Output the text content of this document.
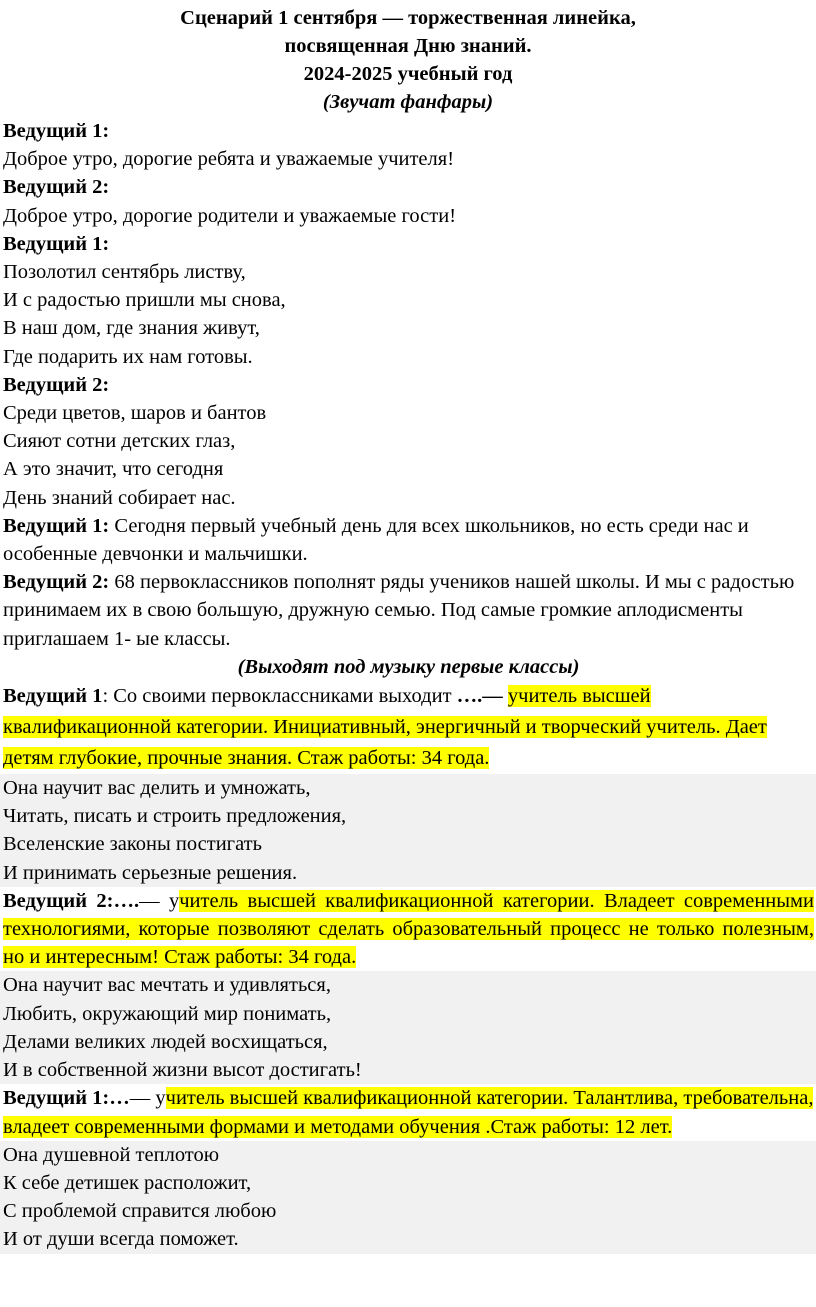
Сценарий 1 сентября — торжественная линейка,
посвященная Дню знаний.
2024-2025 учебный год
(Звучат фанфары)
Ведущий 1:
Доброе утро, дорогие ребята и уважаемые учителя!
Ведущий 2:
Доброе утро, дорогие родители и уважаемые гости!
Ведущий 1:
Позолотил сентябрь листву,
И с радостью пришли мы снова,
В наш дом, где знания живут,
Где подарить их нам готовы.
Ведущий 2:
Среди цветов, шаров и бантов
Сияют сотни детских глаз,
А это значит, что сегодня
День знаний собирает нас.
Ведущий 1: Сегодня первый учебный день для всех школьников, но есть среди нас и особенные девчонки и мальчишки.
Ведущий 2: 68 первоклассников пополнят ряды учеников нашей школы. И мы с радостью принимаем их в свою большую, дружную семью. Под самые громкие аплодисменты приглашаем 1- ые классы.
(Выходят под музыку первые классы)
Ведущий 1: Со своими первоклассниками выходит ….— учитель высшей квалификационной категории. Инициативный, энергичный и творческий учитель. Дает детям глубокие, прочные знания. Стаж работы: 34 года.
Она научит вас делить и умножать,
Читать, писать и строить предложения,
Вселенские законы постигать
И принимать серьезные решения.
Ведущий 2:….— учитель высшей квалификационной категории. Владеет современными технологиями, которые позволяют сделать образовательный процесс не только полезным, но и интересным! Стаж работы: 34 года.
Она научит вас мечтать и удивляться,
Любить, окружающий мир понимать,
Делами великих людей восхищаться,
И в собственной жизни высот достигать!
Ведущий 1:…— учитель высшей квалификационной категории. Талантлива, требовательна, владеет современными формами и методами обучения .Стаж работы: 12 лет.
Она душевной теплотою
К себе детишек расположит,
С проблемой справится любою
И от души всегда поможет.
